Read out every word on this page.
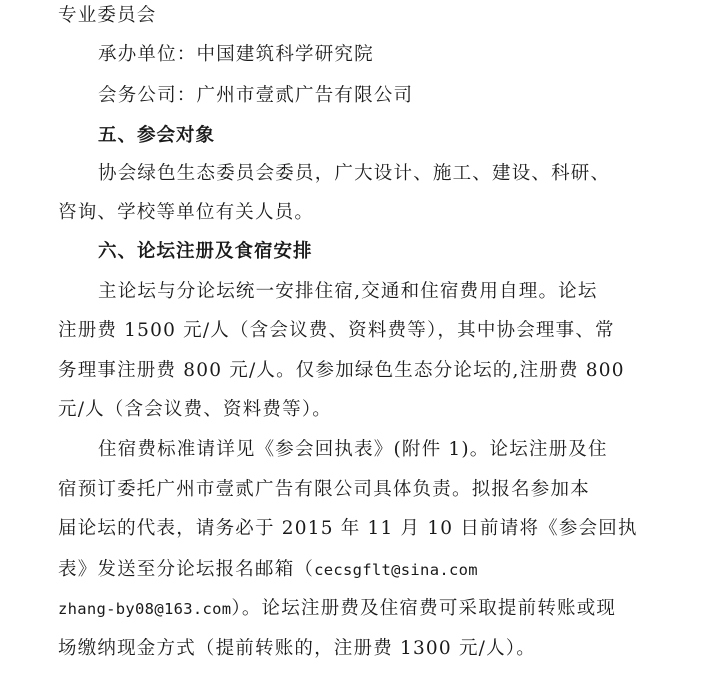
专业委员会
承办单位：中国建筑科学研究院
会务公司：广州市壹贰广告有限公司
五、参会对象
协会绿色生态委员会委员，广大设计、施工、建设、科研、
咨询、学校等单位有关人员。
六、论坛注册及食宿安排
主论坛与分论坛统一安排住宿,交通和住宿费用自理。论坛
注册费 1500 元/人（含会议费、资料费等），其中协会理事、常
务理事注册费 800 元/人。仅参加绿色生态分论坛的,注册费 800
元/人（含会议费、资料费等）。
住宿费标准请详见《参会回执表》(附件 1)。论坛注册及住
宿预订委托广州市壹贰广告有限公司具体负责。拟报名参加本
届论坛的代表，请务必于 2015 年 11 月 10 日前请将《参会回执
表》发送至分论坛报名邮箱（cecsgflt@sina.com
zhang-by08@163.com）。论坛注册费及住宿费可采取提前转账或现
场缴纳现金方式（提前转账的，注册费 1300 元/人）。
